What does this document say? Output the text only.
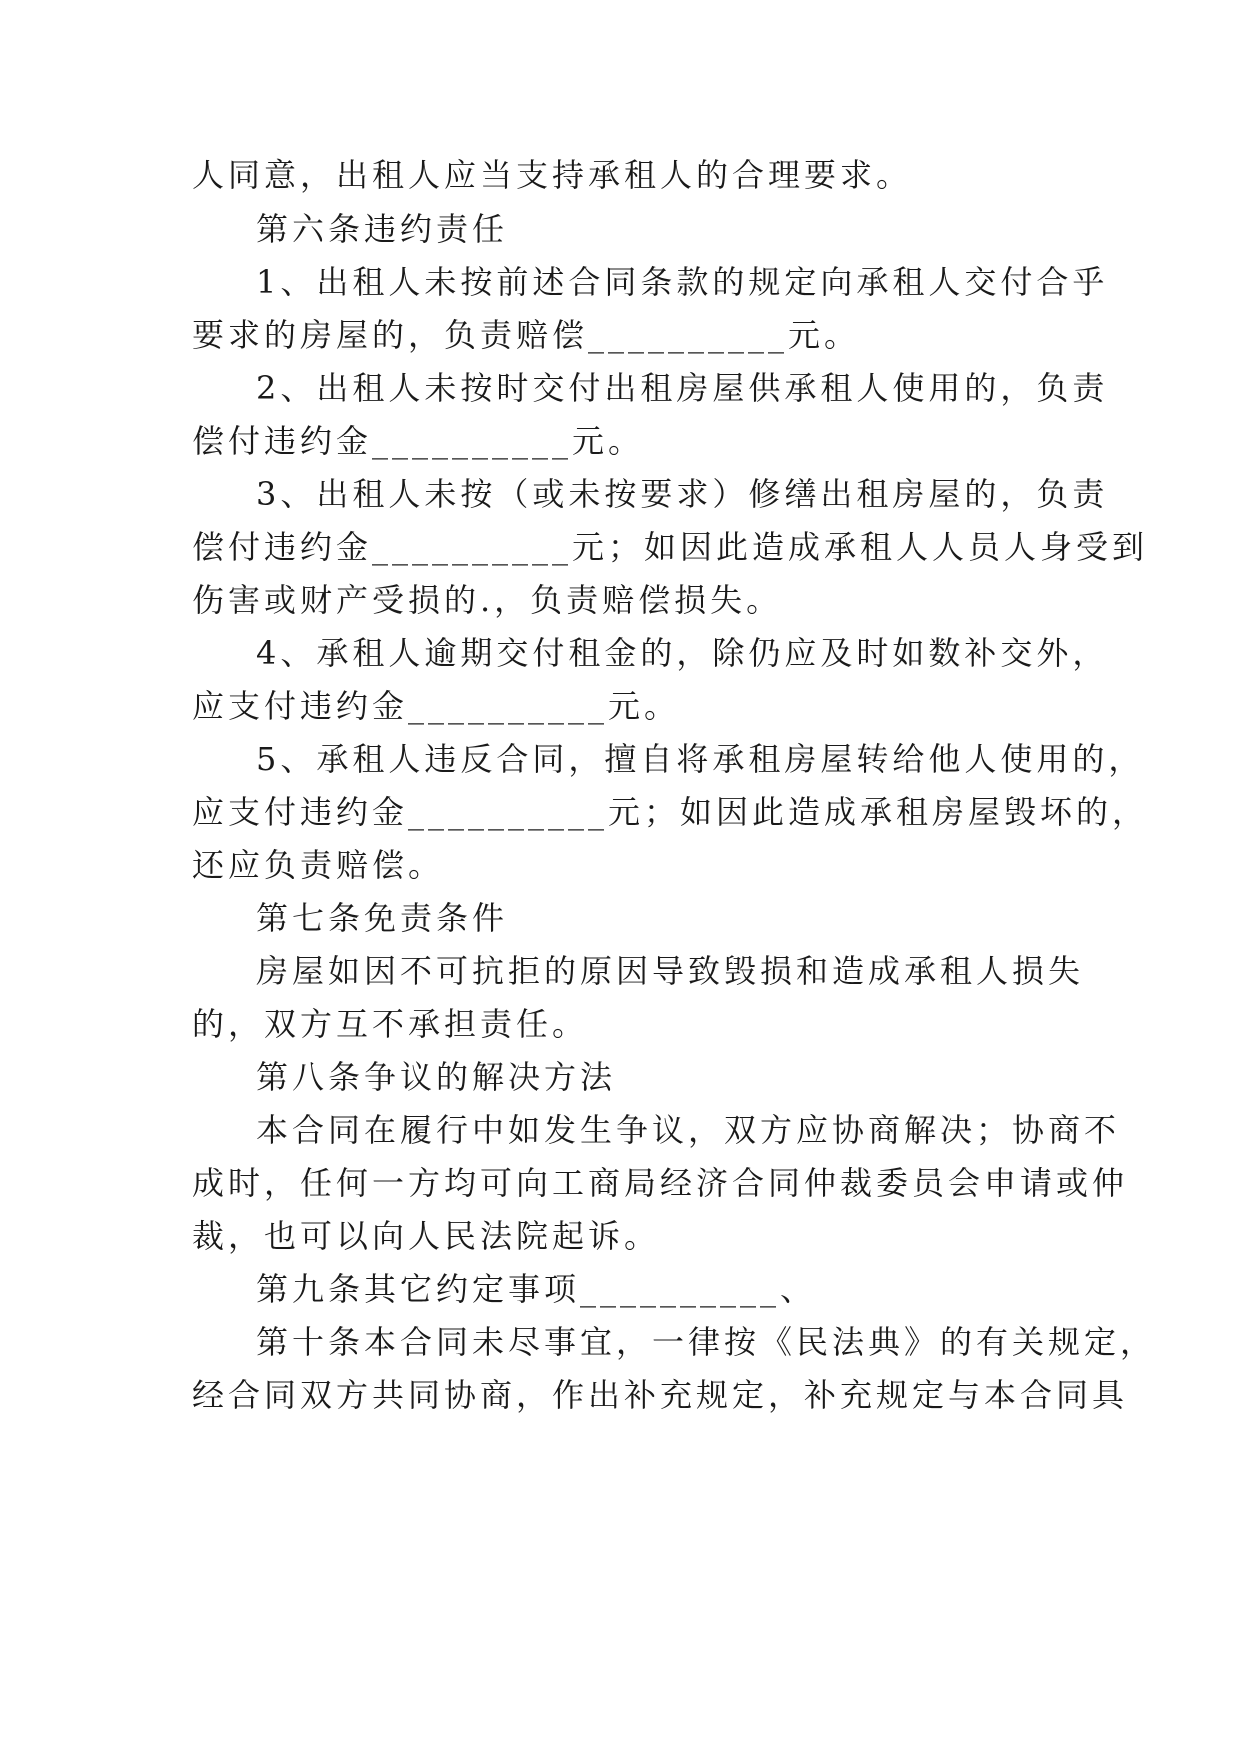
人同意，出租人应当支持承租人的合理要求。
第六条违约责任
1、出租人未按前述合同条款的规定向承租人交付合乎
要求的房屋的，负责赔偿__________元。
2、出租人未按时交付出租房屋供承租人使用的，负责
偿付违约金__________元。
3、出租人未按（或未按要求）修缮出租房屋的，负责
偿付违约金__________元；如因此造成承租人人员人身受到
伤害或财产受损的.，负责赔偿损失。
4、承租人逾期交付租金的，除仍应及时如数补交外，
应支付违约金__________元。
5、承租人违反合同，擅自将承租房屋转给他人使用的，
应支付违约金__________元；如因此造成承租房屋毁坏的，
还应负责赔偿。
第七条免责条件
房屋如因不可抗拒的原因导致毁损和造成承租人损失
的，双方互不承担责任。
第八条争议的解决方法
本合同在履行中如发生争议，双方应协商解决；协商不
成时，任何一方均可向工商局经济合同仲裁委员会申请或仲
裁，也可以向人民法院起诉。
第九条其它约定事项__________、
第十条本合同未尽事宜，一律按《民法典》的有关规定，
经合同双方共同协商，作出补充规定，补充规定与本合同具
